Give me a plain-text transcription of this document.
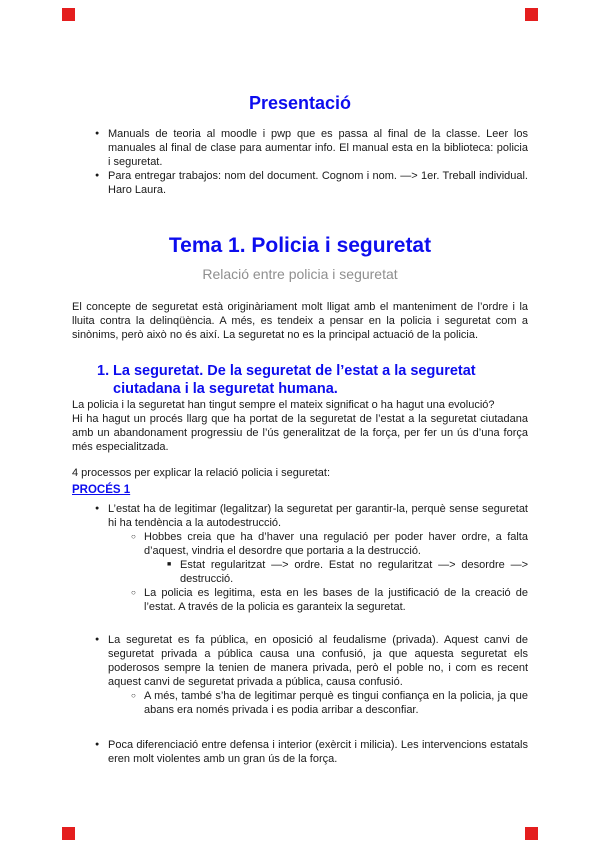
Presentació
● Manuals de teoria al moodle i pwp que es passa al final de la classe. Leer los manuales al final de clase para aumentar info. El manual esta en la biblioteca: policia i seguretat.
● Para entregar trabajos: nom del document. Cognom i nom. —> 1er. Treball individual. Haro Laura.
Tema 1. Policia i seguretat
Relació entre policia i seguretat
El concepte de seguretat està originàriament molt lligat amb el manteniment de l’ordre i la lluita contra la delinqüència. A més, es tendeix a pensar en la policia i seguretat com a sinònims, però això no és així. La seguretat no es la principal actuació de la policia.
1. La seguretat. De la seguretat de l’estat a la seguretat ciutadana i la seguretat humana.
La policia i la seguretat han tingut sempre el mateix significat o ha hagut una evolució?
Hi ha hagut un procés llarg que ha portat de la seguretat de l’estat a la seguretat ciutadana amb un abandonament progressiu de l’ús generalitzat de la força, per fer un ús d’una força més especialitzada.
4 processos per explicar la relació policia i seguretat:
PROCÉS 1
● L’estat ha de legitimar (legalitzar) la seguretat per garantir-la, perquè sense seguretat hi ha tendència a la autodestrucció.
○ Hobbes creia que ha d’haver una regulació per poder haver ordre, a falta d’aquest, vindria el desordre que portaria a la destrucció.
■ Estat regularitzat —> ordre. Estat no regularitzat —> desordre —> destrucció.
○ La policia es legitima, esta en les bases de la justificació de la creació de l’estat. A través de la policia es garanteix la seguretat.
● La seguretat es fa pública, en oposició al feudalisme (privada). Aquest canvi de seguretat privada a pública causa una confusió, ja que aquesta seguretat els poderosos sempre la tenien de manera privada, però el poble no, i com es recent aquest canvi de seguretat privada a pública, causa confusió.
○ A més, també s’ha de legitimar perquè es tingui confiança en la policia, ja que abans era només privada i es podia arribar a desconfiar.
● Poca diferenciació entre defensa i interior (exèrcit i milicia). Les intervencions estatals eren molt violentes amb un gran ús de la força.
